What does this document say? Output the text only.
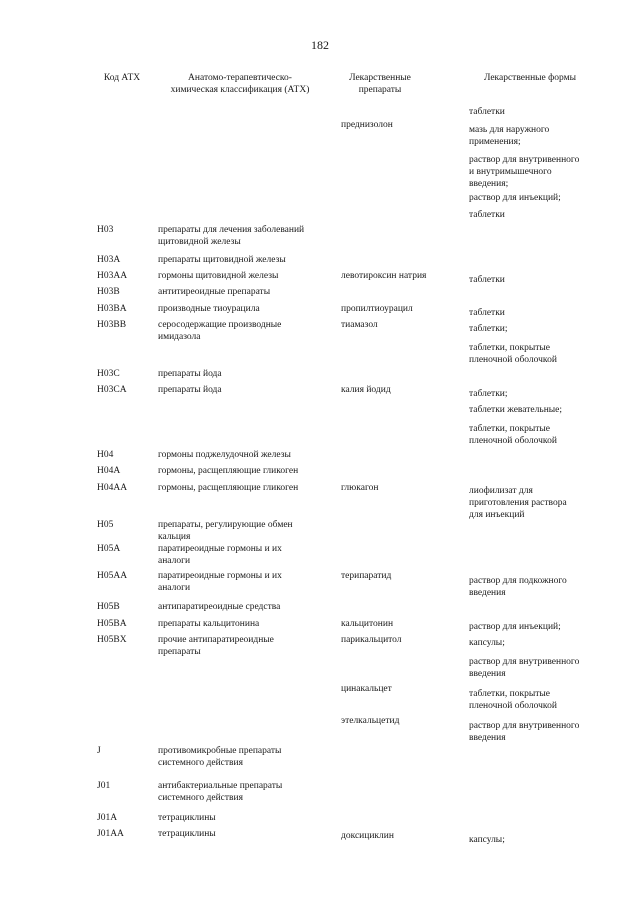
182
Код АТХ	Анатомо-терапевтическо-
химическая классификация (АТХ)
Лекарственные
препараты
Лекарственные формы
H03
H03A
H03AA
H03B
H03BA
H03BB
H03C
H03CA
H04
H04A
H04AA
H05
H05A
H05AA
H05B
H05BA
H05BX
J
J01
J01A
J01AA
препараты для лечения заболеваний
щитовидной железы
препараты щитовидной железы
гормоны щитовидной железы
антитиреоидные препараты
производные тиоурацила
серосодержащие производные
имидазола
препараты йода
препараты йода
гормоны поджелудочной железы
гормоны, расщепляющие гликоген
гормоны, расщепляющие гликоген
препараты, регулирующие обмен
кальция
паратиреоидные гормоны и их
аналоги
паратиреоидные гормоны и их
аналоги
антипаратиреоидные средства
препараты кальцитонина
прочие антипаратиреоидные
препараты
противомикробные препараты
системного действия
антибактериальные препараты
системного действия
тетрациклины
тетрациклины
преднизолон
левотироксин натрия
пропилтиоурацил
тиамазол
калия йодид
глюкагон
терипаратид
кальцитонин
парикальцитол
цинакальцет
этелкальцетид
доксициклин
таблетки
мазь для наружного
применения;
раствор для внутривенного
и внутримышечного
введения;
раствор для инъекций;
таблетки
таблетки
таблетки
таблетки;
таблетки, покрытые
пленочной оболочкой
таблетки;
таблетки жевательные;
таблетки, покрытые
пленочной оболочкой
лиофилизат для
приготовления раствора
для инъекций
раствор для подкожного
введения
раствор для инъекций;
капсулы;
раствор для внутривенного
введения
таблетки, покрытые
пленочной оболочкой
раствор для внутривенного
введения
капсулы;
